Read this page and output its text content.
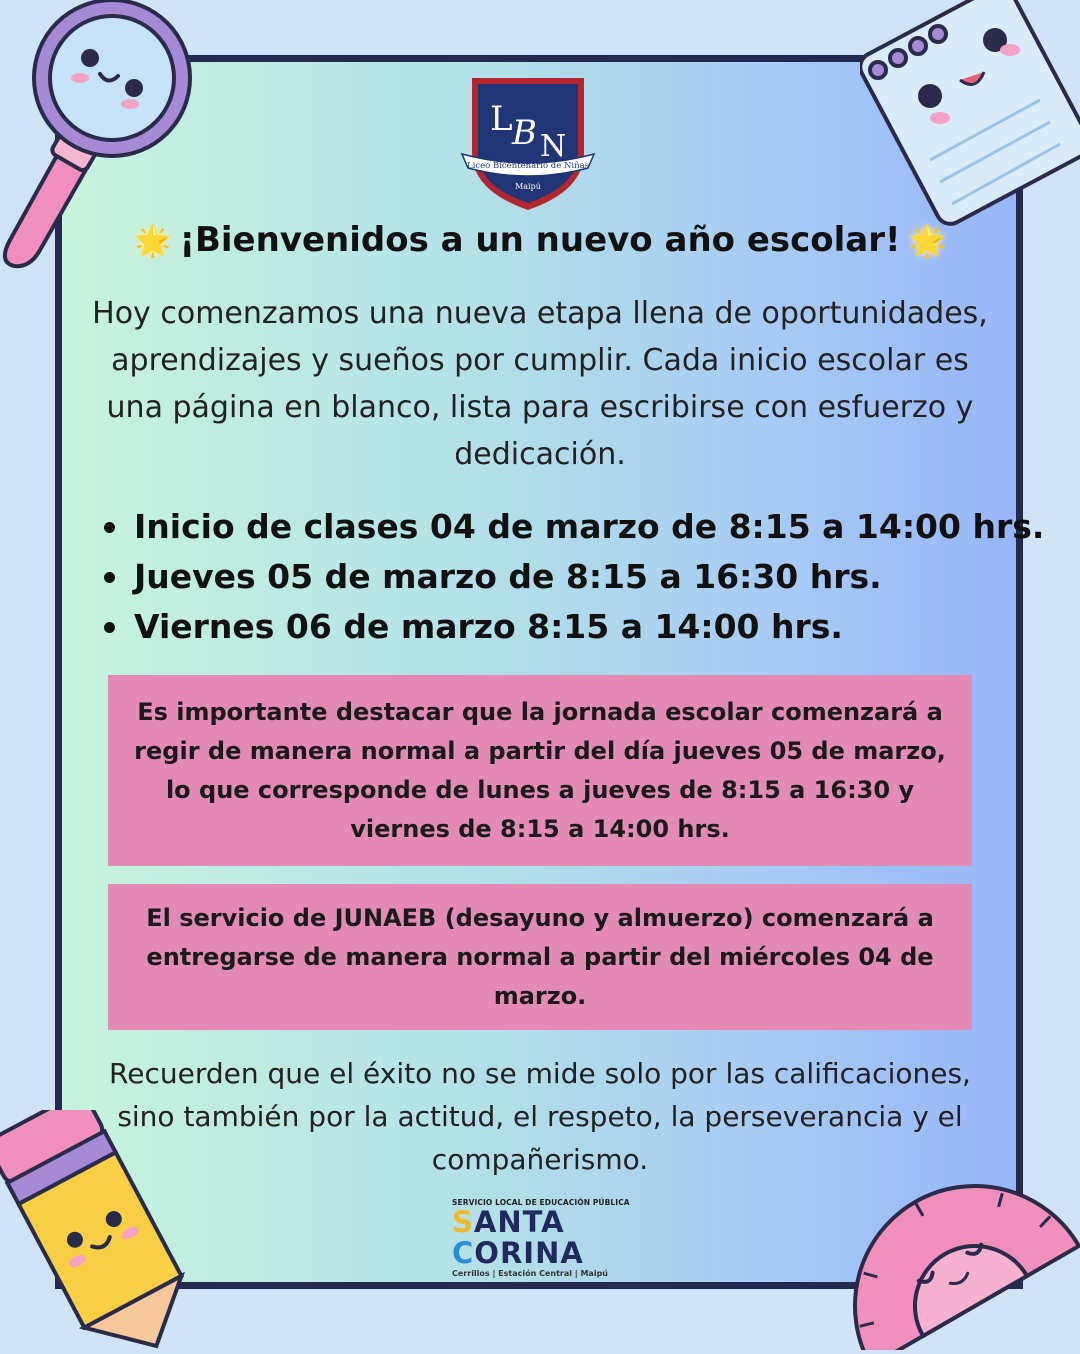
L B N
Liceo Bicentenario de Niñas
Maipú
🌟 ¡Bienvenidos a un nuevo año escolar! 🌟
Hoy comenzamos una nueva etapa llena de oportunidades, aprendizajes y sueños por cumplir. Cada inicio escolar es una página en blanco, lista para escribirse con esfuerzo y dedicación.
Inicio de clases 04 de marzo de 8:15 a 14:00 hrs.
Jueves 05 de marzo de 8:15 a 16:30 hrs.
Viernes 06 de marzo 8:15 a 14:00 hrs.
Es importante destacar que la jornada escolar comenzará a regir de manera normal a partir del día jueves 05 de marzo, lo que corresponde de lunes a jueves de 8:15 a 16:30 y viernes de 8:15 a 14:00 hrs.
El servicio de JUNAEB (desayuno y almuerzo) comenzará a entregarse de manera normal a partir del miércoles 04 de marzo.
Recuerden que el éxito no se mide solo por las calificaciones, sino también por la actitud, el respeto, la perseverancia y el compañerismo.
SERVICIO LOCAL DE EDUCACIÓN PÚBLICA
SANTA
CORINA
Cerrillos | Estación Central | Maipú
